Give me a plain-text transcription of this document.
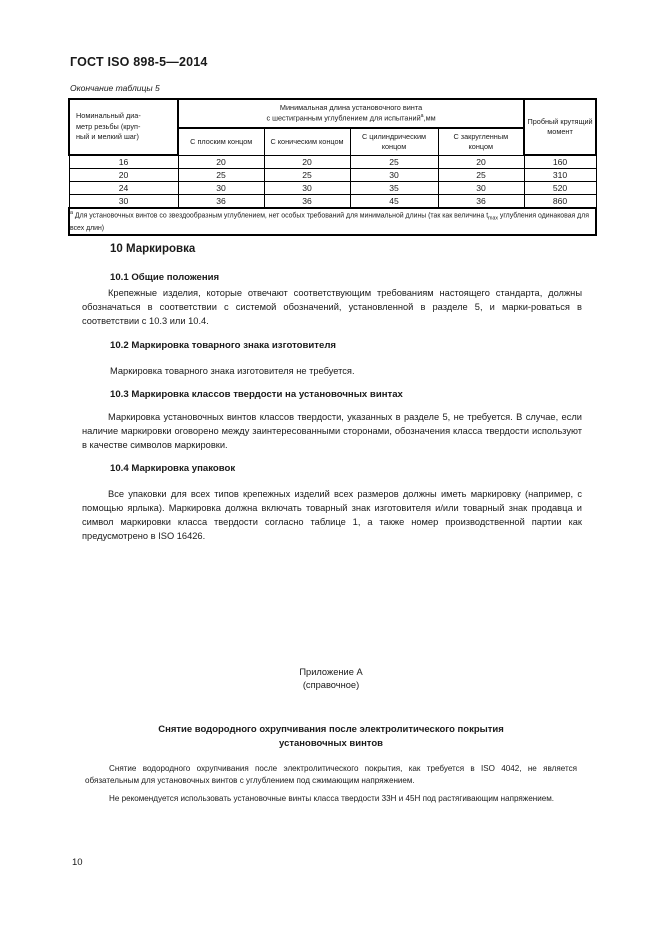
ГОСТ ISO 898-5—2014
Окончание таблицы 5
Номинальный диа-
метр резьбы (круп-
ный и мелкий шаг)	Минимальная длина установочного винта
с шестигранным углублением для испытаний$^a$,мм				Пробный крутящий
момент
	С плоским концом	С коническим концом	С цилиндрическим концом	С закругленным концом	
16	20	20	25	20	160
20	25	25	30	25	310
24	30	30	35	30	520
30	36	36	45	36	860
$^a$ Для установочных винтов со звездообразным углублением, нет особых требований для минимальной длины (так как величина $t_{max}$ углубления одинаковая для всех длин)					
10 Маркировка
10.1 Общие положения
Крепежные изделия, которые отвечают соответствующим требованиям настоящего стандарта, должны обозначаться в соответствии с системой обозначений, установленной в разделе 5, и марки-роваться в соответствии с 10.3 или 10.4.
10.2 Маркировка товарного знака изготовителя
Маркировка товарного знака изготовителя не требуется.
10.3 Маркировка классов твердости на установочных винтах
Маркировка установочных винтов классов твердости, указанных в разделе 5, не требуется. В случае, если наличие маркировки оговорено между заинтересованными сторонами, обозначения класса твердости используют в качестве символов маркировки.
10.4 Маркировка упаковок
Все упаковки для всех типов крепежных изделий всех размеров должны иметь маркировку (например, с помощью ярлыка). Маркировка должна включать товарный знак изготовителя и/или товарный знак продавца и символ маркировки класса твердости согласно таблице 1, а также номер производственной партии как предусмотрено в ISO 16426.
Приложение А
(справочное)
Снятие водородного охрупчивания после электролитического покрытия
установочных винтов
Снятие водородного охрупчивания после электролитического покрытия, как требуется в ISO 4042, не является обязательным для установочных винтов с углублением под сжимающим напряжением.
Не рекомендуется использовать установочные винты класса твердости 33Н и 45Н под растягивающим напряжением.
10
